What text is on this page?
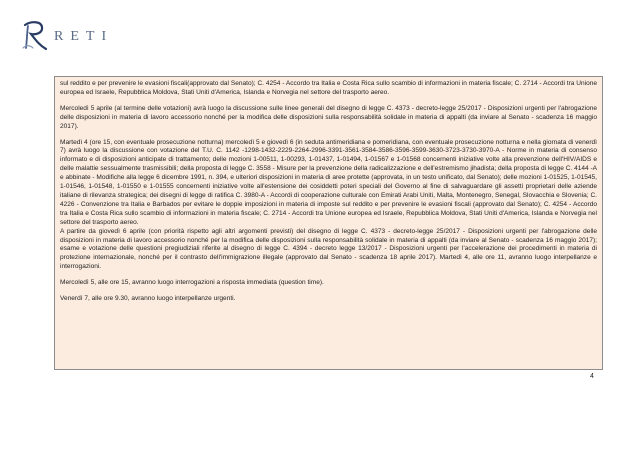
RETI

sul reddito e per prevenire le evasioni fiscali(approvato dal Senato); C. 4254 - Accordo tra Italia e Costa Rica sullo scambio di informazioni in materia fiscale; C. 2714 - Accordi tra Unione europea ed Israele, Repubblica Moldova, Stati Uniti d'America, Islanda e Norvegia nel settore del trasporto aereo.

Mercoledì 5 aprile (al termine delle votazioni) avrà luogo la discussione sulle linee generali del disegno di legge C. 4373 - decreto-legge 25/2017 - Disposizioni urgenti per l'abrogazione delle disposizioni in materia di lavoro accessorio nonché per la modifica delle disposizioni sulla responsabilità solidale in materia di appalti (da inviare al Senato - scadenza 16 maggio 2017).

Martedì 4 (ore 15, con eventuale prosecuzione notturna) mercoledì 5 e giovedì 6 (in seduta antimeridiana e pomeridiana, con eventuale prosecuzione notturna e nella giornata di venerdì 7) avrà luogo la discussione con votazione del T.U. C. 1142 -1298-1432-2229-2264-2996-3391-3561-3584-3586-3596-3599-3630-3723-3730-3970-A - Norme in materia di consenso informato e di disposizioni anticipate di trattamento; delle mozioni 1-00511, 1-00293, 1-01437, 1-01494, 1-01567 e 1-01568 concernenti iniziative volte alla prevenzione dell'HIV/AIDS e delle malattie sessualmente trasmissibili; della proposta di legge C. 3558 - Misure per la prevenzione della radicalizzazione e dell'estremismo jihadista; della proposta di legge C. 4144 -A e abbinate - Modifiche alla legge 6 dicembre 1991, n. 394, e ulteriori disposizioni in materia di aree protette (approvata, in un testo unificato, dal Senato); delle mozioni 1-01525, 1-01545, 1-01546, 1-01548, 1-01550 e 1-01555 concernenti iniziative volte all'estensione dei cosiddetti poteri speciali del Governo al fine di salvaguardare gli assetti proprietari delle aziende italiane di rilevanza strategica; dei disegni di legge di ratifica C. 3980-A - Accordi di cooperazione culturale con Emirati Arabi Uniti, Malta, Montenegro, Senegal, Slovacchia e Slovenia; C. 4226 - Convenzione tra Italia e Barbados per evitare le doppie imposizioni in materia di imposte sul reddito e per prevenire le evasioni fiscali (approvato dal Senato); C. 4254 - Accordo tra Italia e Costa Rica sullo scambio di informazioni in materia fiscale; C. 2714 - Accordi tra Unione europea ed Israele, Repubblica Moldova, Stati Uniti d'America, Islanda e Norvegia nel settore del trasporto aereo.

A partire da giovedì 6 aprile (con priorità rispetto agli altri argomenti previsti) del disegno di legge C. 4373 - decreto-legge 25/2017 - Disposizioni urgenti per l'abrogazione delle disposizioni in materia di lavoro accessorio nonché per la modifica delle disposizioni sulla responsabilità solidale in materia di appalti (da inviare al Senato - scadenza 16 maggio 2017); esame e votazione delle questioni pregiudiziali riferite al disegno di legge C. 4394 - decreto legge 13/2017 - Disposizioni urgenti per l'accelerazione dei procedimenti in materia di protezione internazionale, nonché per il contrasto dell'immigrazione illegale (approvato dal Senato - scadenza 18 aprile 2017). Martedì 4, alle ore 11, avranno luogo interpellanze e interrogazioni.

Mercoledì 5, alle ore 15, avranno luogo interrogazioni a risposta immediata (question time).

Venerdì 7, alle ore 9.30, avranno luogo interpellanze urgenti.

4
